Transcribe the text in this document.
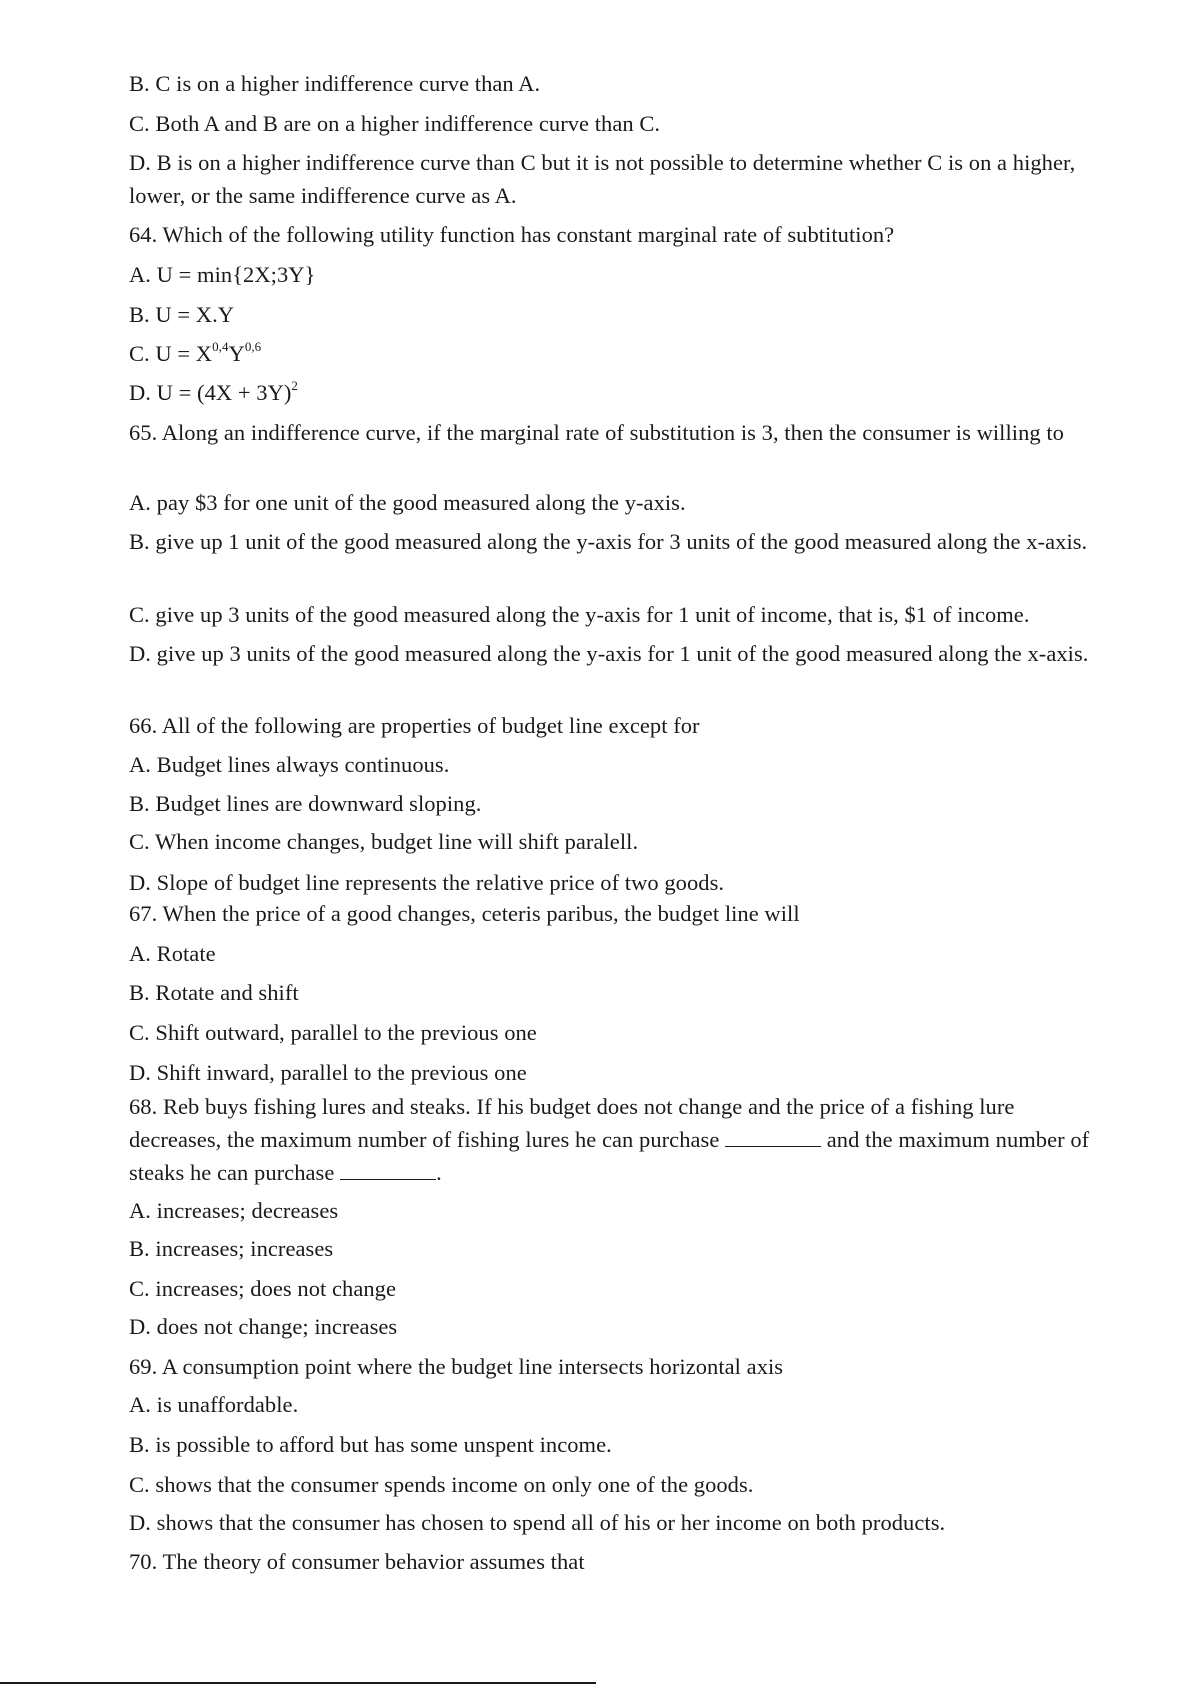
B. C is on a higher indifference curve than A.
C. Both A and B are on a higher indifference curve than C.
D. B is on a higher indifference curve than C but it is not possible to determine whether C is on a higher, lower, or the same indifference curve as A.
64. Which of the following utility function has constant marginal rate of subtitution?
A. U = min{2X;3Y}
B. U = X.Y
C. $U = X^{0,4}Y^{0,6}$
D. $U = (4X + 3Y)^2$
65. Along an indifference curve, if the marginal rate of substitution is 3, then the consumer is willing to
A. pay $3 for one unit of the good measured along the y-axis.
B. give up 1 unit of the good measured along the y-axis for 3 units of the good measured along the x-axis.
C. give up 3 units of the good measured along the y-axis for 1 unit of income, that is, $1 of income.
D. give up 3 units of the good measured along the y-axis for 1 unit of the good measured along the x-axis.
66. All of the following are properties of budget line except for
A. Budget lines always continuous.
B. Budget lines are downward sloping.
C. When income changes, budget line will shift paralell.
D. Slope of budget line represents the relative price of two goods.
67. When the price of a good changes, ceteris paribus, the budget line will
A. Rotate
B. Rotate and shift
C. Shift outward, parallel to the previous one
D. Shift inward, parallel to the previous one
68. Reb buys fishing lures and steaks. If his budget does not change and the price of a fishing lure decreases, the maximum number of fishing lures he can purchase	and the maximum number of steaks he can purchase	.
A. increases; decreases
B. increases; increases
C. increases; does not change
D. does not change; increases
69. A consumption point where the budget line intersects horizontal axis
A. is unaffordable.
B. is possible to afford but has some unspent income.
C. shows that the consumer spends income on only one of the goods.
D. shows that the consumer has chosen to spend all of his or her income on both products.
70. The theory of consumer behavior assumes that
